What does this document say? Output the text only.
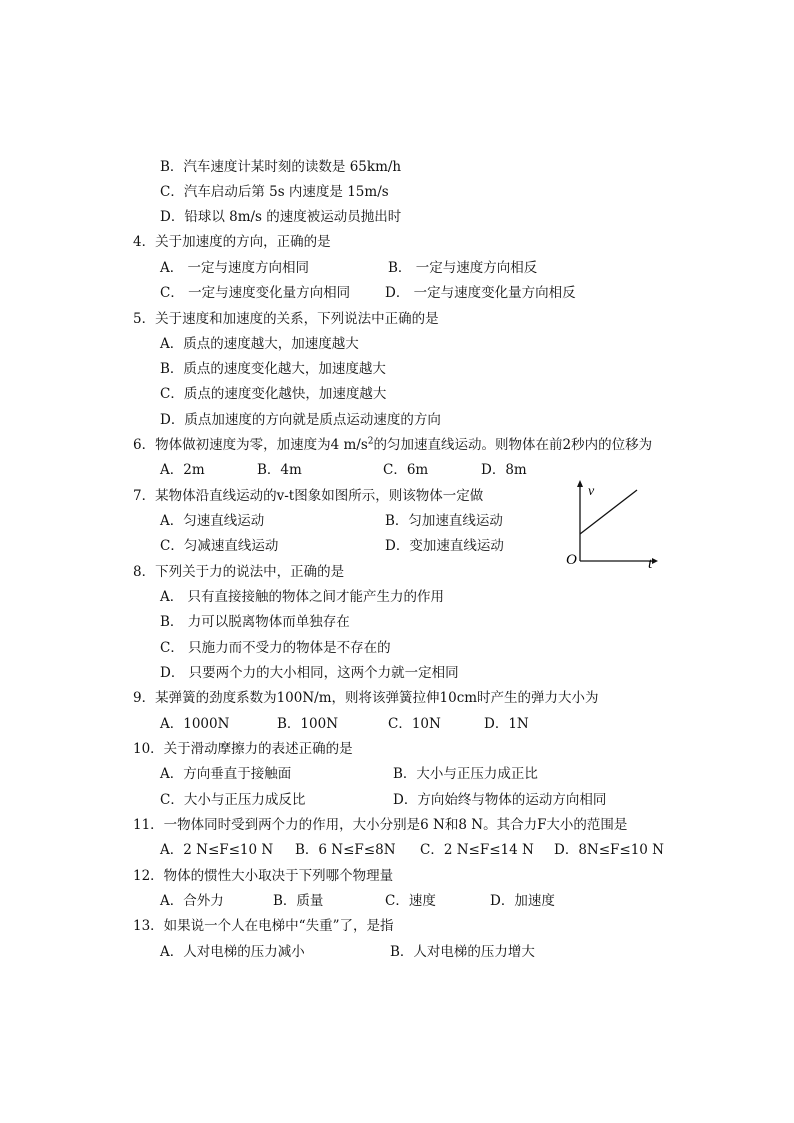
B．汽车速度计某时刻的读数是 65km/h
C．汽车启动后第 5s 内速度是 15m/s
D．铅球以 8m/s 的速度被运动员抛出时
4．关于加速度的方向，正确的是
A． 一定与速度方向相同	B． 一定与速度方向相反
C． 一定与速度变化量方向相同	D． 一定与速度变化量方向相反
5．关于速度和加速度的关系，下列说法中正确的是
A．质点的速度越大，加速度越大
B．质点的速度变化越大，加速度越大
C．质点的速度变化越快，加速度越大
D．质点加速度的方向就是质点运动速度的方向
6．物体做初速度为零，加速度为4 $m/s^2$的匀加速直线运动。则物体在前2秒内的位移为
A．2m	B．4m	C．6m	D．8m
7．某物体沿直线运动的v-t图象如图所示，则该物体一定做
A．匀速直线运动	B．匀加速直线运动
C．匀减速直线运动	D．变加速直线运动
v
O	t
8．下列关于力的说法中，正确的是
A． 只有直接接触的物体之间才能产生力的作用
B． 力可以脱离物体而单独存在
C． 只施力而不受力的物体是不存在的
D． 只要两个力的大小相同，这两个力就一定相同
9．某弹簧的劲度系数为100N/m，则将该弹簧拉伸10cm时产生的弹力大小为
A．1000N	B．100N	C．10N	D．1N
10．关于滑动摩擦力的表述正确的是
A．方向垂直于接触面	B．大小与正压力成正比
C．大小与正压力成反比	D．方向始终与物体的运动方向相同
11．一物体同时受到两个力的作用，大小分别是6 N和8 N。其合力F大小的范围是
A．2 N≤F≤10 N B．6 N≤F≤8N C．2 N≤F≤14 N D．8N≤F≤10 N
12．物体的惯性大小取决于下列哪个物理量
A．合外力	B．质量	C．速度	D．加速度
13．如果说一个人在电梯中“失重”了，是指
A．人对电梯的压力减小	B．人对电梯的压力增大
